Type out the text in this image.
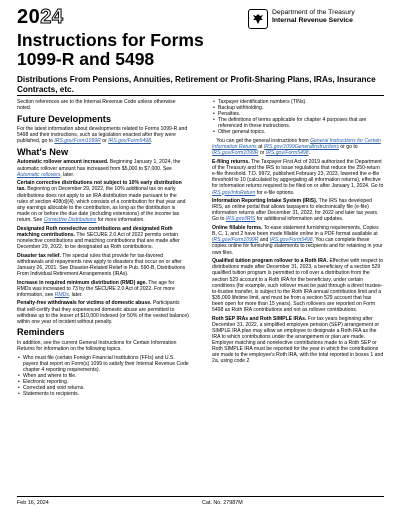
20 24	Department of the Treasury
Internal Revenue Service
Instructions for Forms
1099-R and 5498

Distributions From Pensions, Annuities, Retirement or Profit-Sharing Plans, IRAs, Insurance Contracts, etc.

Section references are to the Internal Revenue Code unless otherwise noted.

Future Developments

For the latest information about developments related to Forms 1099-R and 5498 and their instructions, such as legislation enacted after they were published, go to IRS.gov/Form1099R or IRS.gov/Form5498.

What's New

Automatic rollover amount increased. Beginning January 1, 2024, the automatic rollover amount has increased from $5,000 to $7,000. See Automatic rollovers, later.

Certain corrective distributions not subject to 10% early distribution tax. Beginning on December 29, 2022, the 10% additional tax on early distributions does not apply to an IRA distribution made pursuant to the rules of section 408(d)(4), which consists of a contribution for that year and any earnings allocable to the contribution, as long as the distribution is made on or before the due date (including extensions) of the income tax return. See Corrective Distributions for more information.

Designated Roth nonelective contributions and designated Roth matching contributions. The SECURE 2.0 Act of 2022 permits certain nonelective contributions and matching contributions that are made after December 29, 2022, to be designated as Roth contributions.

Disaster tax relief. The special rules that provide for tax-favored withdrawals and repayments now apply to disasters that occur on or after January 26, 2021. See Disaster-Related Relief in Pub. 590-B, Distributions From Individual Retirement Arrangements (IRAs).

Increase in required minimum distribution (RMD) age. The age for RMDs was increased to 73 by the SECURE 2.0 Act of 2022. For more information, see RMDs, later.

Penalty-free withdrawals for victims of domestic abuse. Participants that self-certify that they experienced domestic abuse are permitted to withdraw up to the lesser of $10,000 indexed (or 50% of the vested balance) within one year of incident without penalty.

Reminders

In addition, see the current General Instructions for Certain Information Returns for information on the following topics.

• Who must file (certain Foreign Financial Institutions (FFIs) and U.S. payers that report on Form(s) 1099 to satisfy their Internal Revenue Code chapter 4 reporting requirements).
• When and where to file.
• Electronic reporting.
• Corrected and void returns.
• Statements to recipients.
• Taxpayer identification numbers (TINs).
• Backup withholding.
• Penalties.
• The definitions of terms applicable for chapter 4 purposes that are referenced in these instructions.
• Other general topics.

You can get the general instructions from General Instructions for Certain Information Returns at IRS.gov/1099GeneralInstructions or go to IRS.gov/Form1099R or IRS.gov/Form5498.

E-filing returns. The Taxpayer First Act of 2019 authorized the Department of the Treasury and the IRS to issue regulations that reduce the 250-return e-file threshold. T.D. 9972, published February 23, 2023, lowered the e-file threshold to 10 (calculated by aggregating all information returns), effective for information returns required to be filed on or after January 1, 2024. Go to IRS.gov/InfoReturn for e-file options.

Information Reporting Intake System (IRIS). The IRS has developed IRIS, an online portal that allows taxpayers to electronically file (e-file) information returns after December 31, 2022, for 2022 and later tax years. Go to IRS.gov/IRIS for additional information and updates.

Online fillable forms. To ease statement furnishing requirements, Copies B, C, 1, and 2 have been made fillable online in a PDF format available at IRS.gov/Form1099R and IRS.gov/Form5498. You can complete these copies online for furnishing statements to recipients and for retaining in your own files.

Qualified tuition program rollover to a Roth IRA. Effective with respect to distributions made after December 31, 2023, a beneficiary of a section 529 qualified tuition program is permitted to roll over a distribution from the section 529 account to a Roth IRA for the beneficiary, under certain conditions (for example, such rollover must be paid through a direct trustee-to-trustee transfer, is subject to the Roth IRA annual contribution limit and a $35,000 lifetime limit, and must be from a section 529 account that has been open for more than 15 years). Such rollovers are reported on Form 5498 as Roth IRA contributions and not as rollover contributions.

Roth SEP IRAs and Roth SIMPLE IRAs. For tax years beginning after December 31, 2022, a simplified employee pension (SEP) arrangement or SIMPLE IRA plan may allow an employee to designate a Roth IRA as the IRA to which contributions under the arrangement or plan are made. Employer matching and nonelective contributions made to a Roth SEP or Roth SIMPLE IRA must be reported for the year in which the contributions are made to the employee's Roth IRA, with the total reported in boxes 1 and 2a, using code 2

Feb 16, 2024	Cat. No. 27987M
